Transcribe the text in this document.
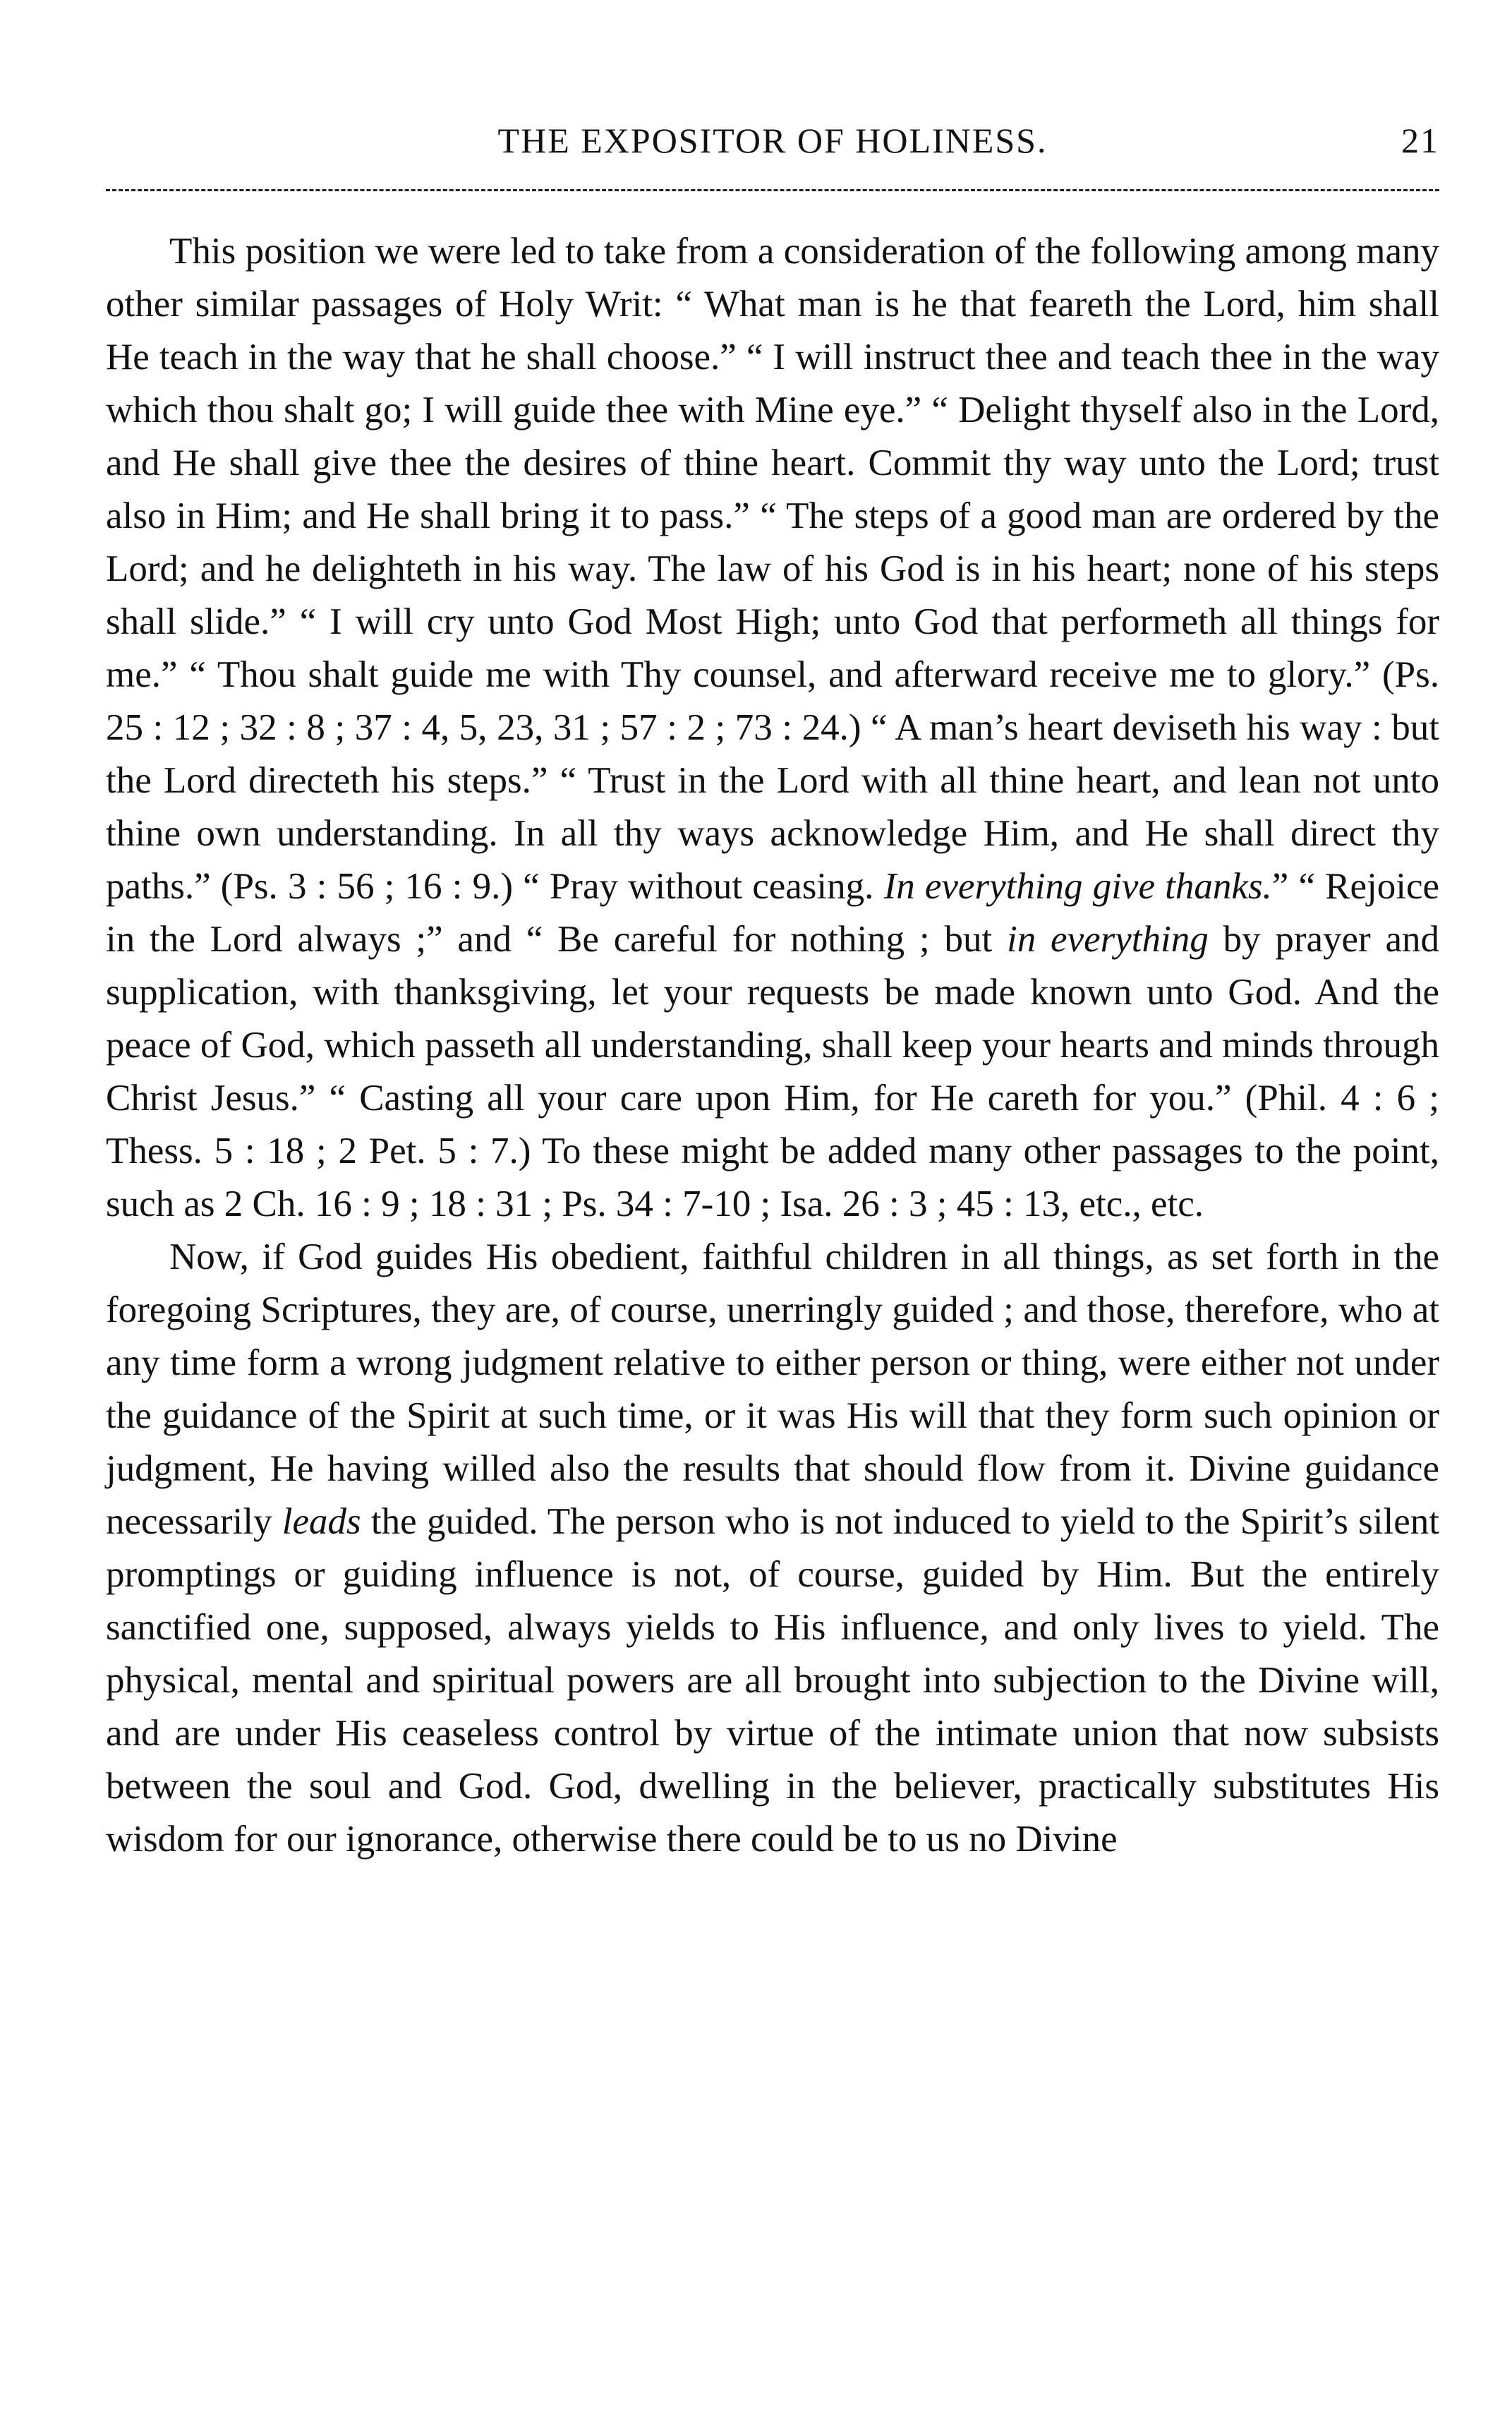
THE EXPOSITOR OF HOLINESS.	21

This position we were led to take from a consideration of the following among many other similar passages of Holy Writ: “ What man is he that feareth the Lord, him shall He teach in the way that he shall choose.” “ I will instruct thee and teach thee in the way which thou shalt go; I will guide thee with Mine eye.” “ Delight thyself also in the Lord, and He shall give thee the desires of thine heart. Commit thy way unto the Lord; trust also in Him; and He shall bring it to pass.” “ The steps of a good man are ordered by the Lord; and he delighteth in his way. The law of his God is in his heart; none of his steps shall slide.” “ I will cry unto God Most High; unto God that performeth all things for me.” “ Thou shalt guide me with Thy counsel, and afterward receive me to glory.” (Ps. 25 : 12 ; 32 : 8 ; 37 : 4, 5, 23, 31 ; 57 : 2 ; 73 : 24.) “ A man’s heart deviseth his way : but the Lord directeth his steps.” “ Trust in the Lord with all thine heart, and lean not unto thine own understanding. In all thy ways acknowledge Him, and He shall direct thy paths.” (Ps. 3 : 56 ; 16 : 9.) “ Pray without ceasing. In everything give thanks.” “ Rejoice in the Lord always ;” and “ Be careful for nothing ; but in everything by prayer and supplication, with thanksgiving, let your requests be made known unto God. And the peace of God, which passeth all understanding, shall keep your hearts and minds through Christ Jesus.” “ Casting all your care upon Him, for He careth for you.” (Phil. 4 : 6 ; Thess. 5 : 18 ; 2 Pet. 5 : 7.) To these might be added many other passages to the point, such as 2 Ch. 16 : 9 ; 18 : 31 ; Ps. 34 : 7-10 ; Isa. 26 : 3 ; 45 : 13, etc., etc.

Now, if God guides His obedient, faithful children in all things, as set forth in the foregoing Scriptures, they are, of course, unerringly guided ; and those, therefore, who at any time form a wrong judgment relative to either person or thing, were either not under the guidance of the Spirit at such time, or it was His will that they form such opinion or judgment, He having willed also the results that should flow from it. Divine guidance necessarily leads the guided. The person who is not induced to yield to the Spirit’s silent promptings or guiding influence is not, of course, guided by Him. But the entirely sanctified one, supposed, always yields to His influence, and only lives to yield. The physical, mental and spiritual powers are all brought into subjection to the Divine will, and are under His ceaseless control by virtue of the intimate union that now subsists between the soul and God. God, dwelling in the believer, practically substitutes His wisdom for our ignorance, otherwise there could be to us no Divine
